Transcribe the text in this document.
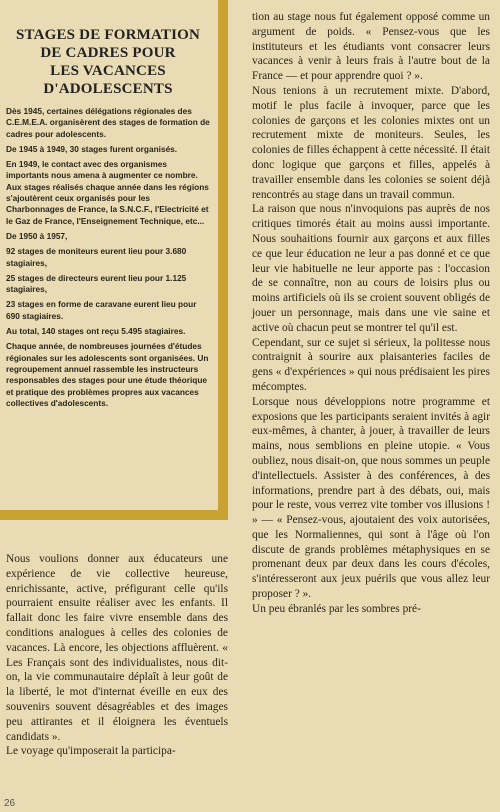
STAGES DE FORMATION
DE CADRES POUR
LES VACANCES
D'ADOLESCENTS

Dès 1945, certaines délégations régionales des C.E.M.E.A. organisèrent des stages de formation de cadres pour adolescents.

De 1945 à 1949, 30 stages furent organisés.

En 1949, le contact avec des organismes importants nous amena à augmenter ce nombre. Aux stages réalisés chaque année dans les régions s'ajoutèrent ceux organisés pour les Charbonnages de France, la S.N.C.F., l'Electricité et le Gaz de France, l'Enseignement Technique, etc...

De 1950 à 1957,

92 stages de moniteurs eurent lieu pour 3.680 stagiaires,

25 stages de directeurs eurent lieu pour 1.125 stagiaires,

23 stages en forme de caravane eurent lieu pour 690 stagiaires.

Au total, 140 stages ont reçu 5.495 stagiaires.

Chaque année, de nombreuses journées d'études régionales sur les adolescents sont organisées. Un regroupement annuel rassemble les instructeurs responsables des stages pour une étude théorique et pratique des problèmes propres aux vacances collectives d'adolescents.

Nous voulions donner aux éducateurs une expérience de vie collective heureuse, enrichissante, active, préfigurant celle qu'ils pourraient ensuite réaliser avec les enfants. Il fallait donc les faire vivre ensemble dans des conditions analogues à celles des colonies de vacances. Là encore, les objections affluèrent. « Les Français sont des individualistes, nous dit-on, la vie communautaire déplaît à leur goût de la liberté, le mot d'internat éveille en eux des souvenirs souvent désagréables et des images peu attirantes et il éloignera les éventuels candidats ».

Le voyage qu'imposerait la participa-

tion au stage nous fut également opposé comme un argument de poids. « Pensez-vous que les instituteurs et les étudiants vont consacrer leurs vacances à venir à leurs frais à l'autre bout de la France — et pour apprendre quoi ? ».

Nous tenions à un recrutement mixte. D'abord, motif le plus facile à invoquer, parce que les colonies de garçons et les colonies mixtes ont un recrutement mixte de moniteurs. Seules, les colonies de filles échappent à cette nécessité. Il était donc logique que garçons et filles, appelés à travailler ensemble dans les colonies se soient déjà rencontrés au stage dans un travail commun.

La raison que nous n'invoquions pas auprès de nos critiques timorés était au moins aussi importante. Nous souhaitions fournir aux garçons et aux filles ce que leur éducation ne leur a pas donné et ce que leur vie habituelle ne leur apporte pas : l'occasion de se connaître, non au cours de loisirs plus ou moins artificiels où ils se croient souvent obligés de jouer un personnage, mais dans une vie saine et active où chacun peut se montrer tel qu'il est.

Cependant, sur ce sujet si sérieux, la politesse nous contraignit à sourire aux plaisanteries faciles de gens « d'expériences » qui nous prédisaient les pires mécomptes.

Lorsque nous développions notre programme et exposions que les participants seraient invités à agir eux-mêmes, à chanter, à jouer, à travailler de leurs mains, nous semblions en pleine utopie. « Vous oubliez, nous disait-on, que nous sommes un peuple d'intellectuels. Assister à des conférences, à des informations, prendre part à des débats, oui, mais pour le reste, vous verrez vite tomber vos illusions ! » — « Pensez-vous, ajoutaient des voix autorisées, que les Normaliennes, qui sont à l'âge où l'on discute de grands problèmes métaphysiques en se promenant deux par deux dans les cours d'écoles, s'intéresseront aux jeux puérils que vous allez leur proposer ? ».

Un peu ébranlés par les sombres pré-

26
